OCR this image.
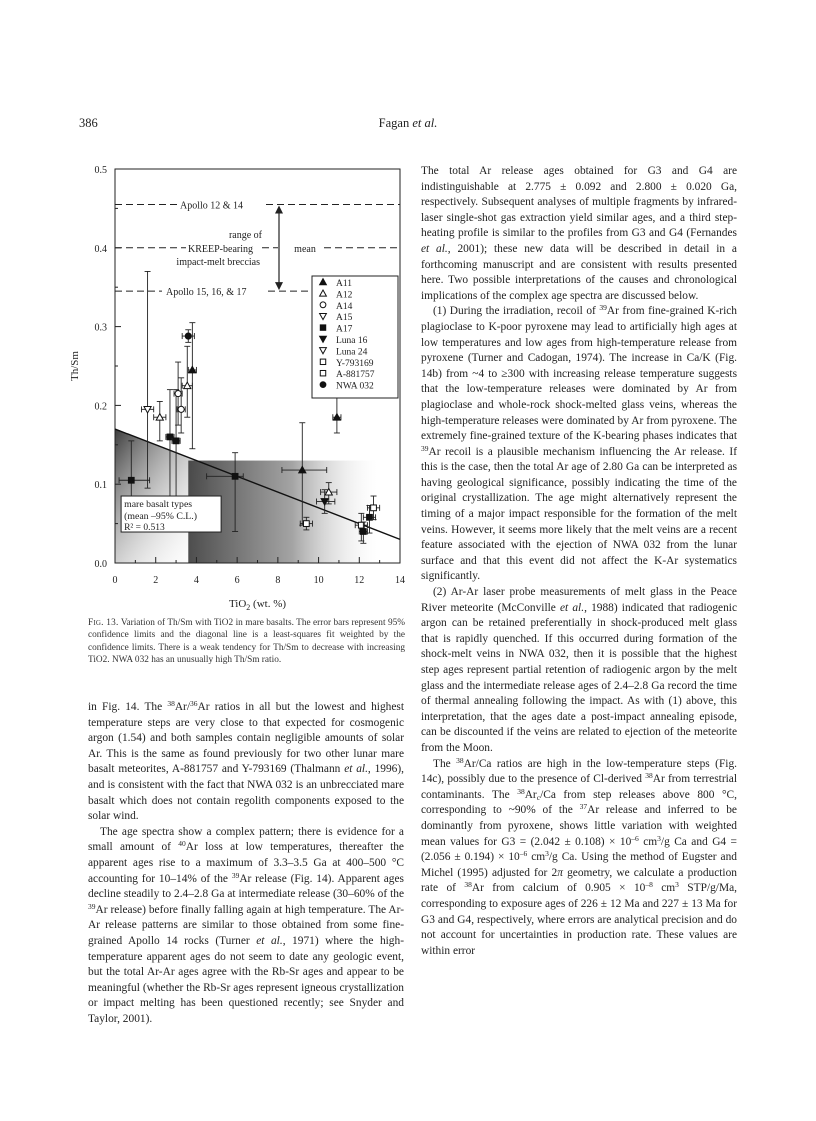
386	Fagan et al.
0.0
0.1
0.2
0.3
0.4
0.5
0	2	4	6	8	10	12	14
TiO$_2$ (wt. %)
Th/Sm
Apollo 12 & 14
KREEP-bearing	mean
Apollo 15, 16, & 17
range of
impact-melt breccias
A11
A12
A14
A15
A17
Luna 16
Luna 24
Y-793169
A-881757
NWA 032
mare basalt types
(mean –95% C.L.)
R² = 0.513
Fig. 13. Variation of Th/Sm with TiO2 in mare basalts. The error bars represent 95% confidence limits and the diagonal line is a least-squares fit weighted by the confidence limits. There is a weak tendency for Th/Sm to decrease with increasing TiO2. NWA 032 has an unusually high Th/Sm ratio.

in Fig. 14. The $^{38}$Ar/$^{36}$Ar ratios in all but the lowest and highest temperature steps are very close to that expected for cosmogenic argon (1.54) and both samples contain negligible amounts of solar Ar. This is the same as found previously for two other lunar mare basalt meteorites, A-881757 and Y-793169 (Thalmann et al., 1996), and is consistent with the fact that NWA 032 is an unbrecciated mare basalt which does not contain regolith components exposed to the solar wind.

The age spectra show a complex pattern; there is evidence for a small amount of $^{40}$Ar loss at low temperatures, thereafter the apparent ages rise to a maximum of 3.3–3.5 Ga at 400–500 °C accounting for 10–14% of the $^{39}$Ar release (Fig. 14). Apparent ages decline steadily to 2.4–2.8 Ga at intermediate release (30–60% of the $^{39}$Ar release) before finally falling again at high temperature. The Ar-Ar release patterns are similar to those obtained from some fine-grained Apollo 14 rocks (Turner et al., 1971) where the high-temperature apparent ages do not seem to date any geologic event, but the total Ar-Ar ages agree with the Rb-Sr ages and appear to be meaningful (whether the Rb-Sr ages represent igneous crystallization or impact melting has been questioned recently; see Snyder and Taylor, 2001).

The total Ar release ages obtained for G3 and G4 are indistinguishable at 2.775 ± 0.092 and 2.800 ± 0.020 Ga, respectively. Subsequent analyses of multiple fragments by infrared-laser single-shot gas extraction yield similar ages, and a third step-heating profile is similar to the profiles from G3 and G4 (Fernandes et al., 2001); these new data will be described in detail in a forthcoming manuscript and are consistent with results presented here. Two possible interpretations of the causes and chronological implications of the complex age spectra are discussed below.

(1) During the irradiation, recoil of $^{39}$Ar from fine-grained K-rich plagioclase to K-poor pyroxene may lead to artificially high ages at low temperatures and low ages from high-temperature release from pyroxene (Turner and Cadogan, 1974). The increase in Ca/K (Fig. 14b) from ~4 to ≥300 with increasing release temperature suggests that the low-temperature releases were dominated by Ar from plagioclase and whole-rock shock-melted glass veins, whereas the high-temperature releases were dominated by Ar from pyroxene. The extremely fine-grained texture of the K-bearing phases indicates that $^{39}$Ar recoil is a plausible mechanism influencing the Ar release. If this is the case, then the total Ar age of 2.80 Ga can be interpreted as having geological significance, possibly indicating the time of the original crystallization. The age might alternatively represent the timing of a major impact responsible for the formation of the melt veins. However, it seems more likely that the melt veins are a recent feature associated with the ejection of NWA 032 from the lunar surface and that this event did not affect the K-Ar systematics significantly.

(2) Ar-Ar laser probe measurements of melt glass in the Peace River meteorite (McConville et al., 1988) indicated that radiogenic argon can be retained preferentially in shock-produced melt glass that is rapidly quenched. If this occurred during formation of the shock-melt veins in NWA 032, then it is possible that the highest step ages represent partial retention of radiogenic argon by the melt glass and the intermediate release ages of 2.4–2.8 Ga record the time of thermal annealing following the impact. As with (1) above, this interpretation, that the ages date a post-impact annealing episode, can be discounted if the veins are related to ejection of the meteorite from the Moon.

The $^{38}$Ar/Ca ratios are high in the low-temperature steps (Fig. 14c), possibly due to the presence of Cl-derived $^{38}$Ar from terrestrial contaminants. The $^{38}Ar_c/Ca$ from step releases above 800 °C, corresponding to ~90% of the $^{37}$Ar release and inferred to be dominantly from pyroxene, shows little variation with weighted mean values for $G3 = (2.042 \pm 0.108) \times 10^{-6}$ $cm^3/g$ Ca and $G4 = (2.056 \pm 0.194) \times 10^{-6}$ $cm^3/g$ Ca. Using the method of Eugster and Michel (1995) adjusted for 2π geometry, we calculate a production rate of $^{38}$Ar from calcium of $0.905 \times 10^{-8}$ $cm^3$ STP/g/Ma, corresponding to exposure ages of 226 ± 12 Ma and 227 ± 13 Ma for G3 and G4, respectively, where errors are analytical precision and do not account for uncertainties in production rate. These values are within error
